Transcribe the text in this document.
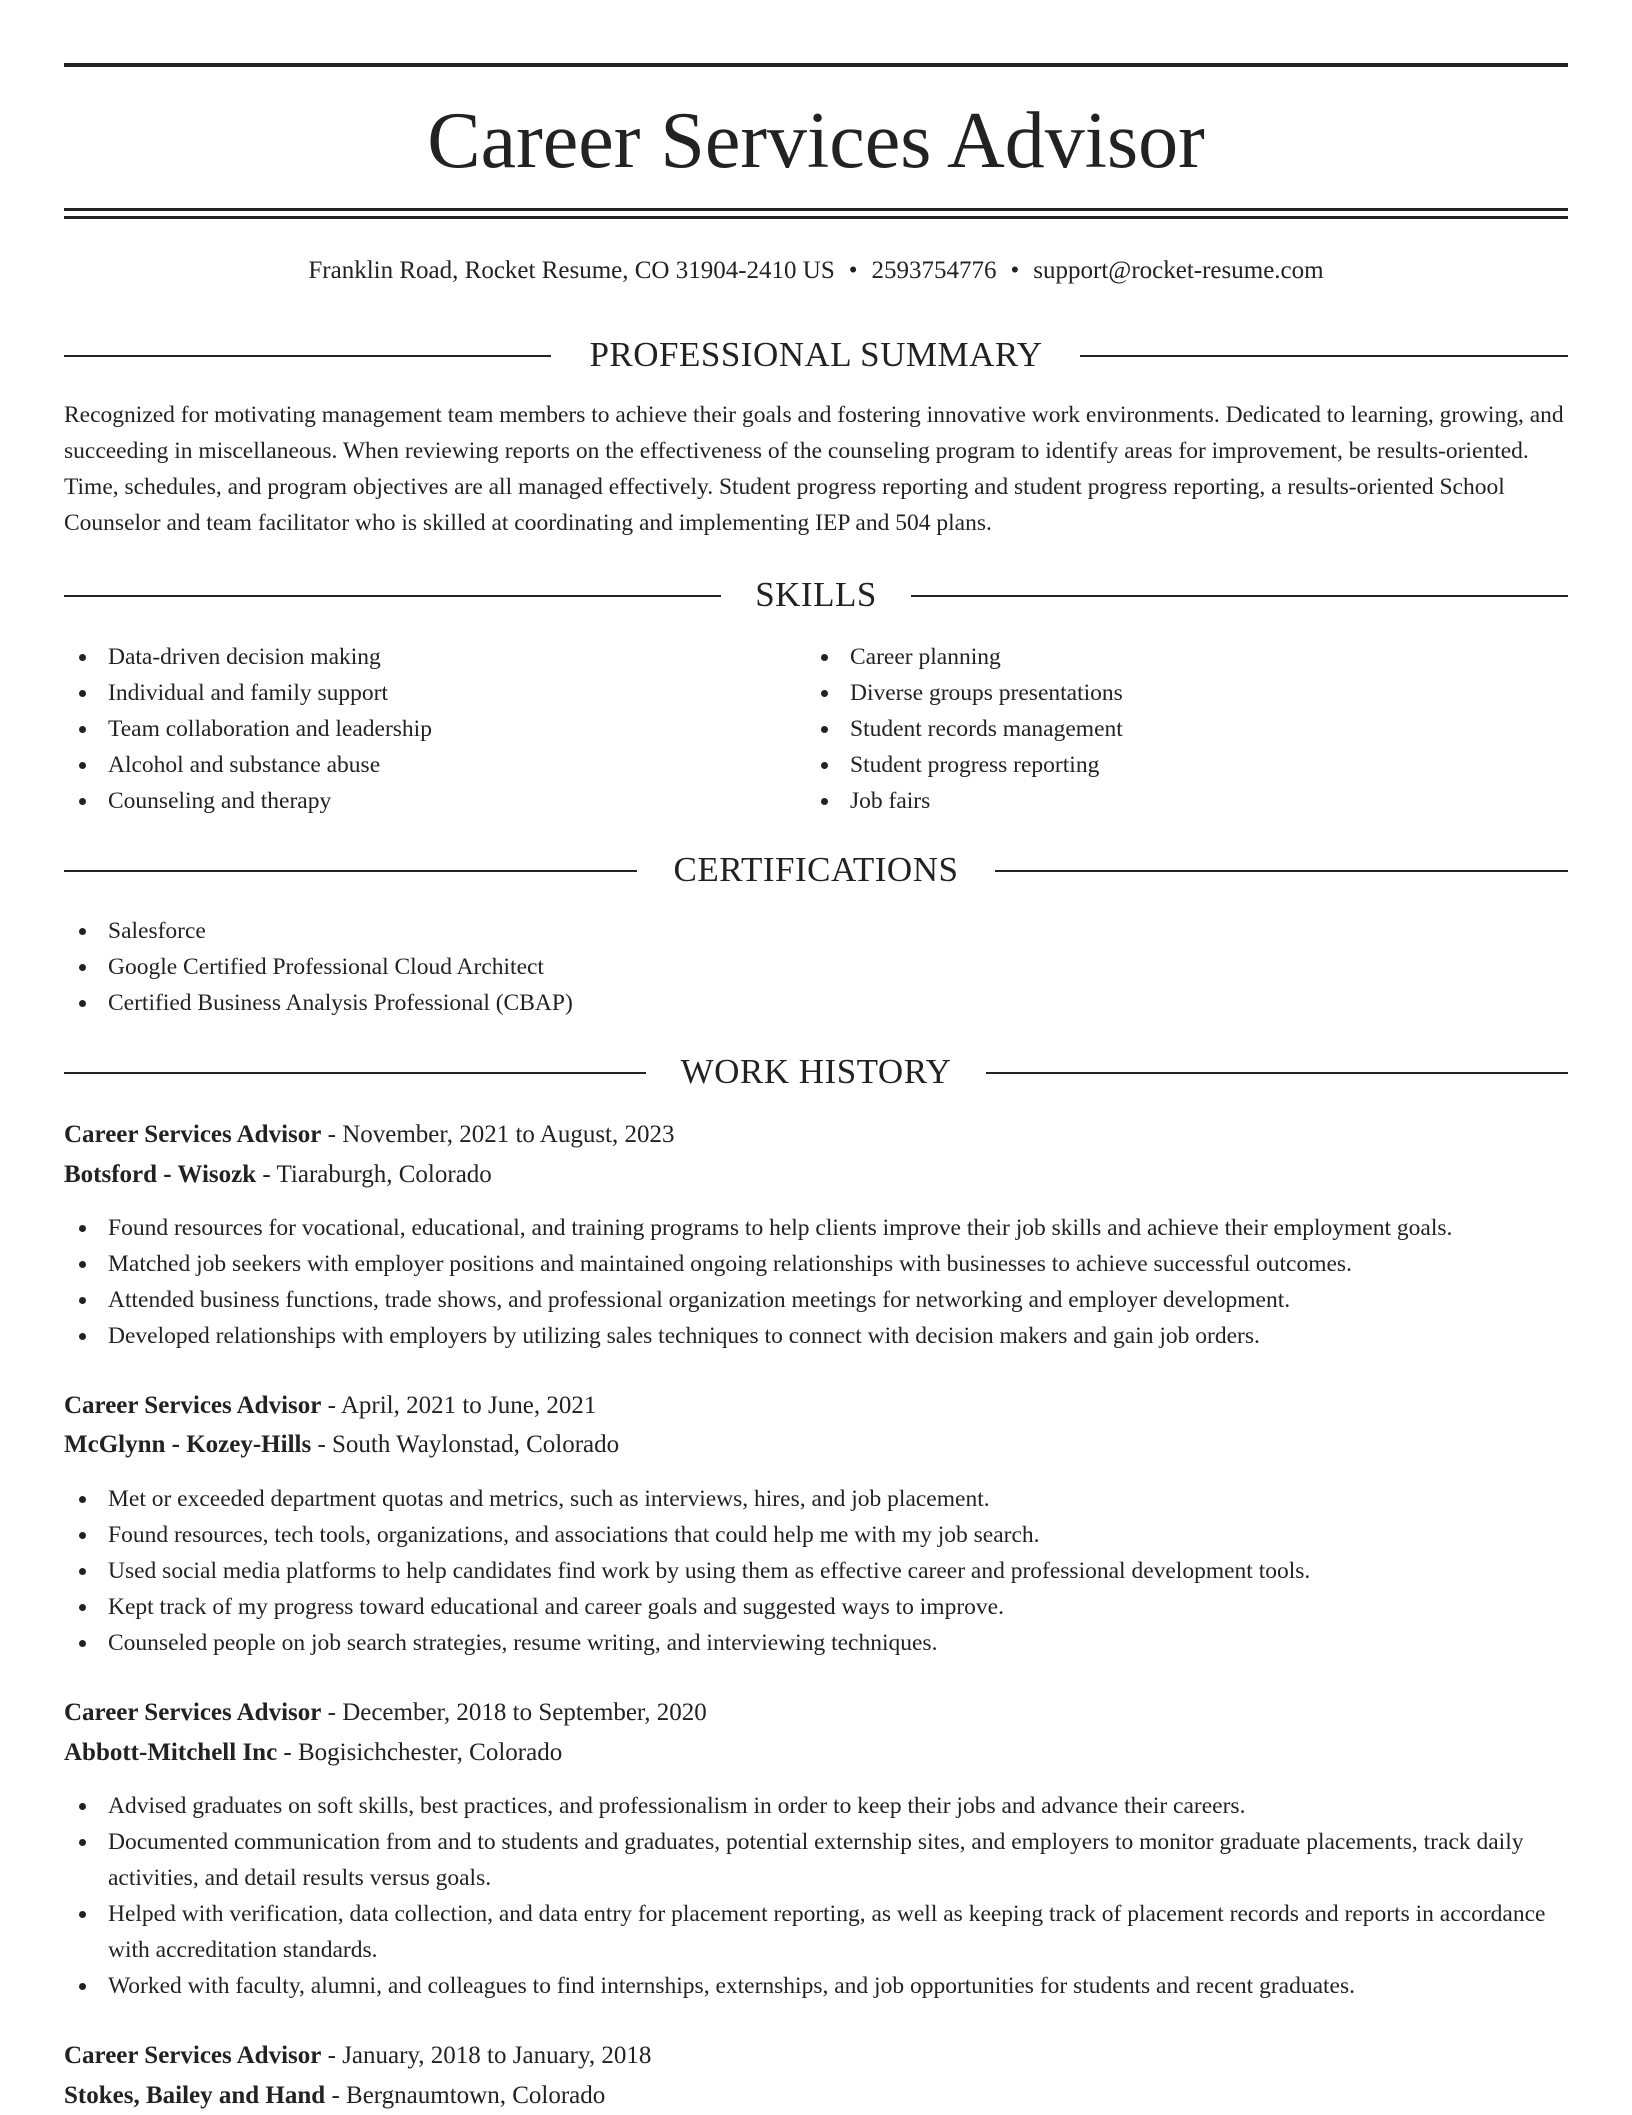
Career Services Advisor
Franklin Road, Rocket Resume, CO 31904-2410 US • 2593754776 • support@rocket-resume.com
PROFESSIONAL SUMMARY
Recognized for motivating management team members to achieve their goals and fostering innovative work environments. Dedicated to learning, growing, and succeeding in miscellaneous. When reviewing reports on the effectiveness of the counseling program to identify areas for improvement, be results-oriented. Time, schedules, and program objectives are all managed effectively. Student progress reporting and student progress reporting, a results-oriented School Counselor and team facilitator who is skilled at coordinating and implementing IEP and 504 plans.
SKILLS
Data-driven decision making
Individual and family support
Team collaboration and leadership
Alcohol and substance abuse
Counseling and therapy
Career planning
Diverse groups presentations
Student records management
Student progress reporting
Job fairs
CERTIFICATIONS
Salesforce
Google Certified Professional Cloud Architect
Certified Business Analysis Professional (CBAP)
WORK HISTORY
Career Services Advisor - November, 2021 to August, 2023
Botsford - Wisozk - Tiaraburgh, Colorado
Found resources for vocational, educational, and training programs to help clients improve their job skills and achieve their employment goals.
Matched job seekers with employer positions and maintained ongoing relationships with businesses to achieve successful outcomes.
Attended business functions, trade shows, and professional organization meetings for networking and employer development.
Developed relationships with employers by utilizing sales techniques to connect with decision makers and gain job orders.
Career Services Advisor - April, 2021 to June, 2021
McGlynn - Kozey-Hills - South Waylonstad, Colorado
Met or exceeded department quotas and metrics, such as interviews, hires, and job placement.
Found resources, tech tools, organizations, and associations that could help me with my job search.
Used social media platforms to help candidates find work by using them as effective career and professional development tools.
Kept track of my progress toward educational and career goals and suggested ways to improve.
Counseled people on job search strategies, resume writing, and interviewing techniques.
Career Services Advisor - December, 2018 to September, 2020
Abbott-Mitchell Inc - Bogisichchester, Colorado
Advised graduates on soft skills, best practices, and professionalism in order to keep their jobs and advance their careers.
Documented communication from and to students and graduates, potential externship sites, and employers to monitor graduate placements, track daily activities, and detail results versus goals.
Helped with verification, data collection, and data entry for placement reporting, as well as keeping track of placement records and reports in accordance with accreditation standards.
Worked with faculty, alumni, and colleagues to find internships, externships, and job opportunities for students and recent graduates.
Career Services Advisor - January, 2018 to January, 2018
Stokes, Bailey and Hand - Bergnaumtown, Colorado
